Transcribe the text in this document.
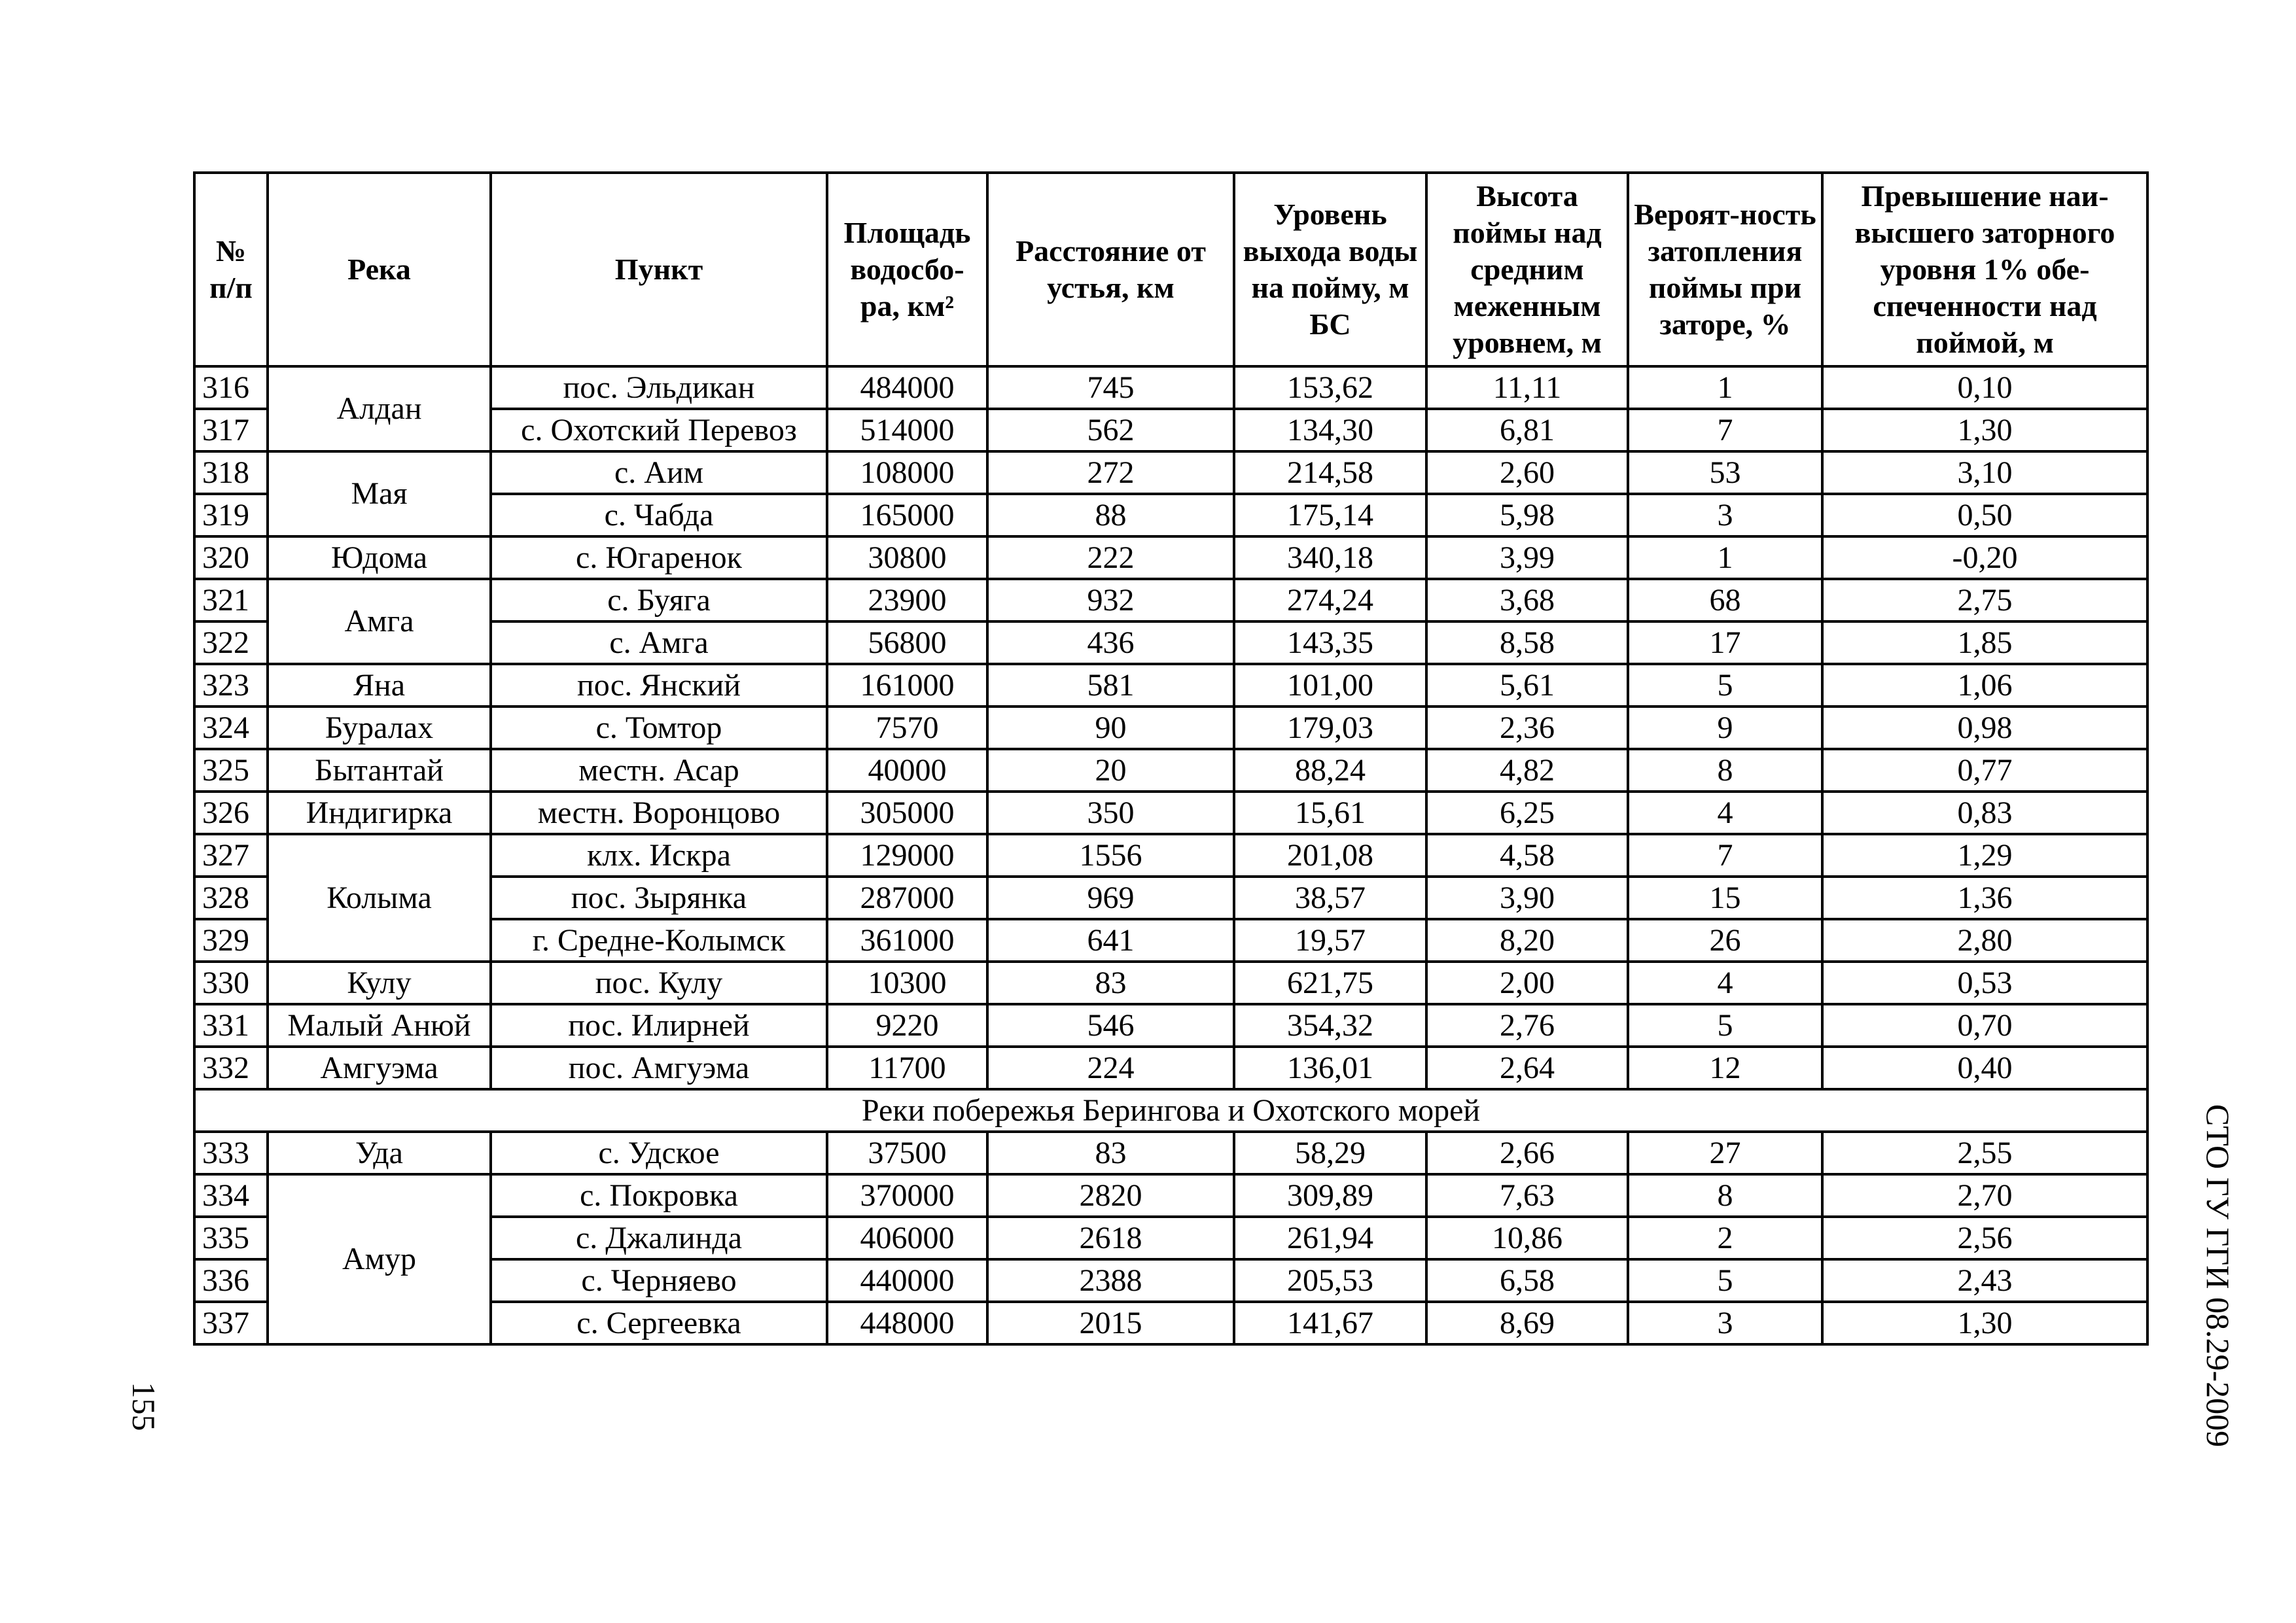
№ п/п	Река	Пункт	Площадь водосбо-ра, км²	Расстояние от устья, км	Уровень выхода воды на пойму, м БС	Высота поймы над средним меженным уровнем, м	Вероят-ность затопления поймы при заторе, %	Превышение наи-высшего заторного уровня 1% обе-спеченности над поймой, м
316	Алдан	пос. Эльдикан	484000	745	153,62	11,11	1	0,10
317		с. Охотский Перевоз	514000	562	134,30	6,81	7	1,30
318	Мая	с. Аим	108000	272	214,58	2,60	53	3,10
319		с. Чабда	165000	88	175,14	5,98	3	0,50
320	Юдома	с. Югаренок	30800	222	340,18	3,99	1	-0,20
321	Амга	с. Буяга	23900	932	274,24	3,68	68	2,75
322		с. Амга	56800	436	143,35	8,58	17	1,85
323	Яна	пос. Янский	161000	581	101,00	5,61	5	1,06
324	Буралах	с. Томтор	7570	90	179,03	2,36	9	0,98
325	Бытантай	местн. Асар	40000	20	88,24	4,82	8	0,77
326	Индигирка	местн. Воронцово	305000	350	15,61	6,25	4	0,83
327	Колыма	клх. Искра	129000	1556	201,08	4,58	7	1,29
328		пос. Зырянка	287000	969	38,57	3,90	15	1,36
329		г. Средне-Колымск	361000	641	19,57	8,20	26	2,80
330	Кулу	пос. Кулу	10300	83	621,75	2,00	4	0,53
331	Малый Анюй	пос. Илирней	9220	546	354,32	2,76	5	0,70
332	Амгуэма	пос. Амгуэма	11700	224	136,01	2,64	12	0,40
Реки побережья Берингова и Охотского морей								
333	Уда	с. Удское	37500	83	58,29	2,66	27	2,55
334	Амур	с. Покровка	370000	2820	309,89	7,63	8	2,70
335		с. Джалинда	406000	2618	261,94	10,86	2	2,56
336		с. Черняево	440000	2388	205,53	6,58	5	2,43
337		с. Сергеевка	448000	2015	141,67	8,69	3	1,30
155	СТО ГУ ГГИ 08.29-2009
